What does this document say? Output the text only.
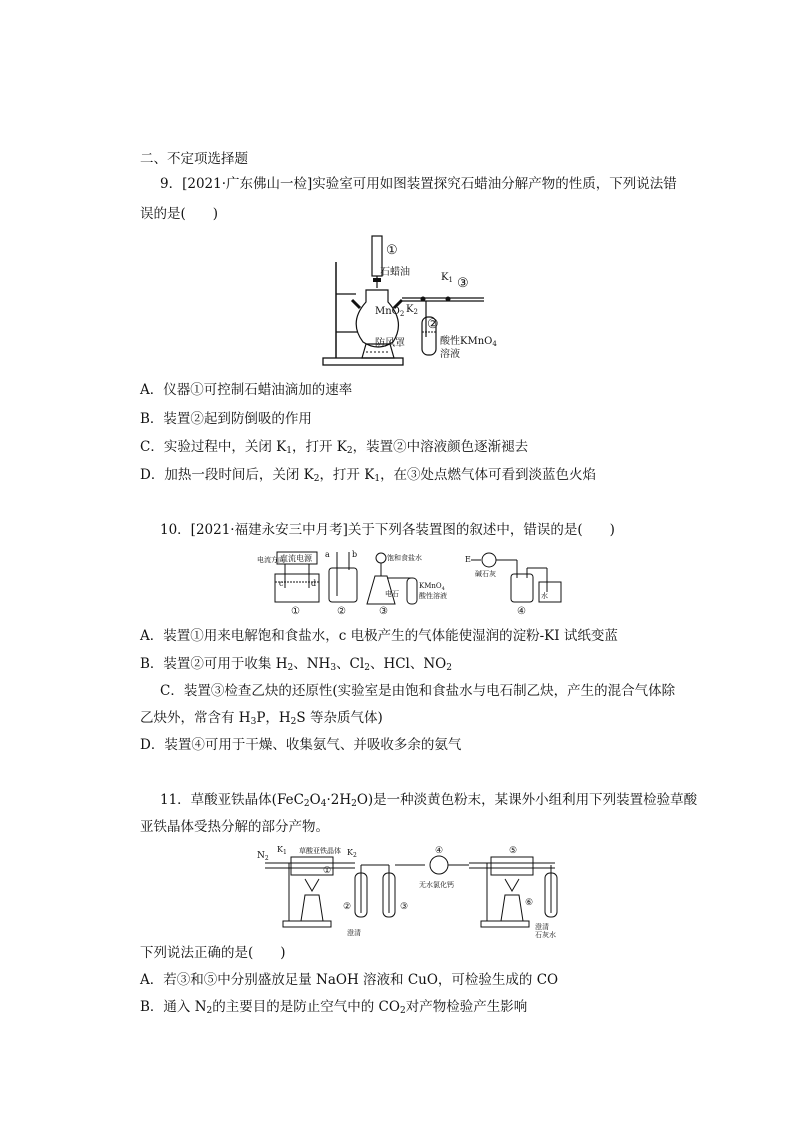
二、不定项选择题
9．[2021·广东佛山一检]实验室可用如图装置探究石蜡油分解产物的性质，下列说法错
误的是(　　)
①
石蜡油
MnO$_2$
防风罩
$K_1$ ③
$K_2$
②
酸性KMnO$_4$
溶液
A．仪器①可控制石蜡油滴加的速率
B．装置②起到防倒吸的作用
C．实验过程中，关闭 $K_1$，打开 $K_2$，装置②中溶液颜色逐渐褪去
D．加热一段时间后，关闭 $K_2$，打开 $K_1$，在③处点燃气体可看到淡蓝色火焰
10．[2021·福建永安三中月考]关于下列各装置图的叙述中，错误的是(　　)
电流方向
直流电源
c	d
①
a	b
②
饱和食盐水
电石
KMnO$_4$
酸性溶液
③
E
碱石灰
水
④
A．装置①用来电解饱和食盐水，c 电极产生的气体能使湿润的淀粉-KI 试纸变蓝
B．装置②可用于收集 $H_2$、$NH_3$、$Cl_2$、HCl、$NO_2$
C．装置③检查乙炔的还原性(实验室是由饱和食盐水与电石制乙炔，产生的混合气体除
乙炔外，常含有 $H_3P$，$H_2S$ 等杂质气体)
D．装置④可用于干燥、收集氨气、并吸收多余的氨气
11．草酸亚铁晶体$(FeC_2O_4\cdot 2H_2O)$是一种淡黄色粉末，某课外小组利用下列装置检验草酸
亚铁晶体受热分解的部分产物。
$N_2$
$K_1$ 草酸亚铁晶体
①
$K_2$
②	③
④
无水氯化钙
⑤
⑥
澄清
澄清
石灰水
下列说法正确的是(　　)
A．若③和⑤中分别盛放足量 NaOH 溶液和 CuO，可检验生成的 CO
B．通入 $N_2$的主要目的是防止空气中的 $CO_2$对产物检验产生影响
